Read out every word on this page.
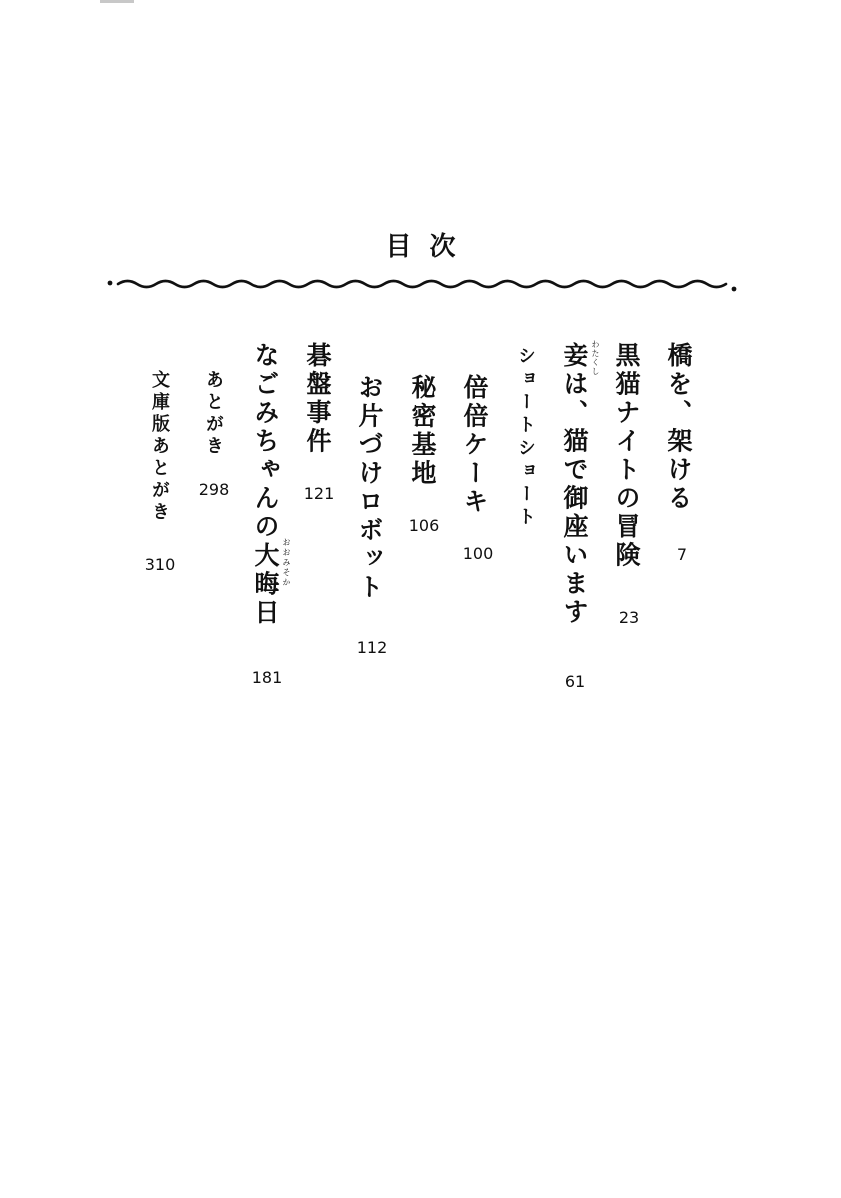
目次
橋を、架ける
7
黒猫ナイトの冒険
23
妾 わたくし
は、猫で御座います
61
ショートショート
倍倍ケーキ
100
秘密基地
106
お片づけロボット
112
碁盤事件
121
なごみちゃんの大晦日 おおみそか
181
あとがき
298
文庫版あとがき
310
